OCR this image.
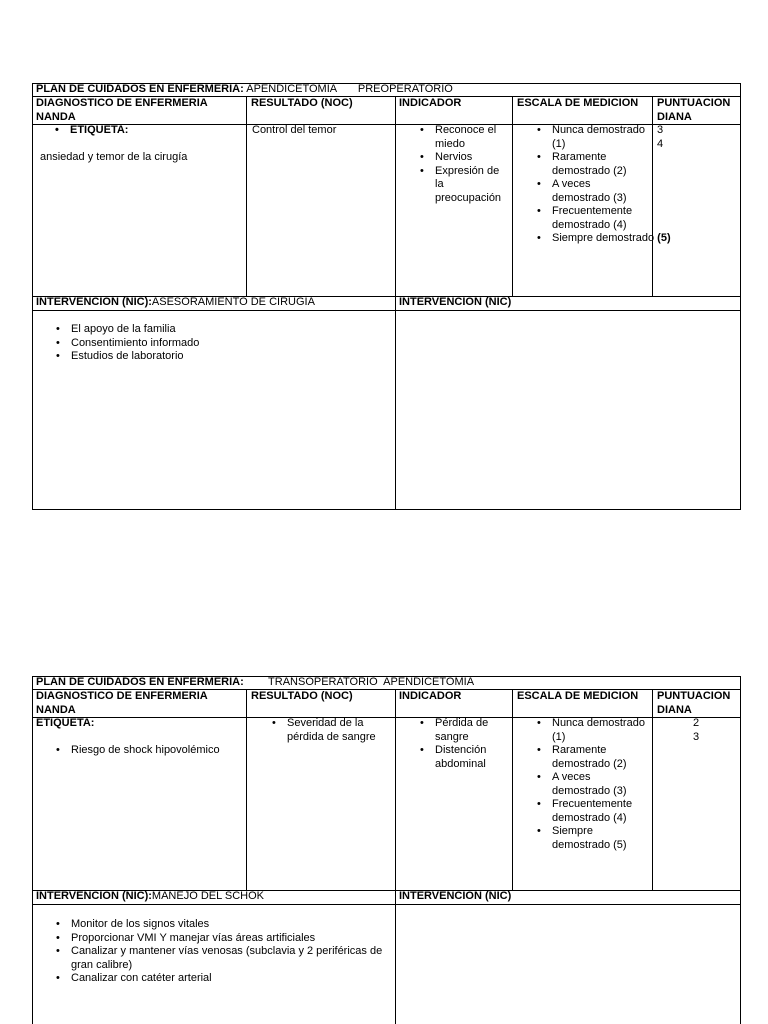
PLAN DE CUIDADOS EN ENFERMERIA: APENDICETOMIA       PREOPERATORIO
DIAGNOSTICO DE ENFERMERIA NANDA
RESULTADO (NOC)	INDICADOR	ESCALA DE MEDICION PUNTUACION DIANA
• ETIQUETA:
ansiedad y temor de la cirugía
Control del temor
•	Reconoce el miedo
• Nervios
• Expresión de la preocupación
• Nunca demostrado (1)
• Raramente demostrado (2)
• A veces demostrado (3)
• Frecuentemente demostrado (4)
• Siempre demostrado (5)
3
4
INTERVENCION (NIC):ASESORAMIENTO DE CIRUGIA	INTERVENCION (NIC)
• El apoyo de la familia
• Consentimiento informado
• Estudios de laboratorio
PLAN DE CUIDADOS EN ENFERMERIA:        TRANSOPERATORIO  APENDICETOMIA
DIAGNOSTICO DE ENFERMERIA NANDA
RESULTADO (NOC)	INDICADOR	ESCALA DE MEDICION PUNTUACION DIANA
ETIQUETA:
• Riesgo de shock hipovolémico
• Severidad de la pérdida de sangre
• Pérdida de sangre
• Distención abdominal
• Nunca demostrado (1)
• Raramente demostrado (2)
• A veces demostrado (3)
• Frecuentemente demostrado (4)
• Siempre demostrado (5)
2
3
INTERVENCION (NIC):MANEJO DEL SCHOK	INTERVENCION (NIC)
• Monitor de los signos vitales
• Proporcionar VMI Y manejar vías áreas artificiales
• Canalizar y mantener vías venosas (subclavia y 2 periféricas de gran calibre)
• Canalizar con catéter arterial
